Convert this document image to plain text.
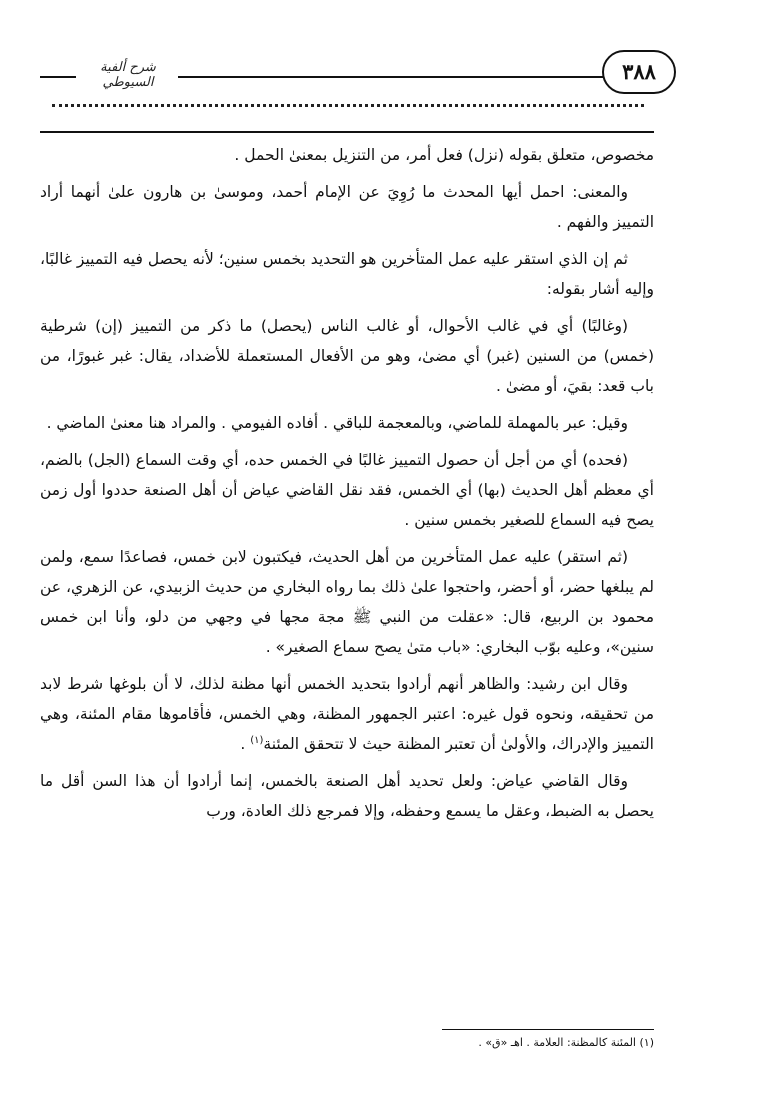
شرح ألفية السيوطي	٣٨٨

مخصوص، متعلق بقوله (نزل) فعل أمر، من التنزيل بمعنىٰ الحمل .

والمعنى: احمل أيها المحدث ما رُوِيَ عن الإمام أحمد، وموسىٰ بن هارون علىٰ أنهما أراد التمييز والفهم .

ثم إن الذي استقر عليه عمل المتأخرين هو التحديد بخمس سنين؛ لأنه يحصل فيه التمييز غالبًا، وإليه أشار بقوله:

(وغالبًا) أي في غالب الأحوال، أو غالب الناس (يحصل) ما ذكر من التمييز (إن) شرطية (خمس) من السنين (غبر) أي مضىٰ، وهو من الأفعال المستعملة للأضداد، يقال: غبر غبورًا، من باب قعد: بقيَ، أو مضىٰ .

وقيل: عبر بالمهملة للماضي، وبالمعجمة للباقي . أفاده الفيومي . والمراد هنا معنىٰ الماضي .

(فحده) أي من أجل أن حصول التمييز غالبًا في الخمس حده، أي وقت السماع (الجل) بالضم، أي معظم أهل الحديث (بها) أي الخمس، فقد نقل القاضي عياض أن أهل الصنعة حددوا أول زمن يصح فيه السماع للصغير بخمس سنين .

(ثم استقر) عليه عمل المتأخرين من أهل الحديث، فيكتبون لابن خمس، فصاعدًا سمع، ولمن لم يبلغها حضر، أو أحضر، واحتجوا علىٰ ذلك بما رواه البخاري من حديث الزبيدي، عن الزهري، عن محمود بن الربيع، قال: «عقلت من النبي ﷺ مجة مجها في وجهي من دلو، وأنا ابن خمس سنين»، وعليه بوّب البخاري: «باب متىٰ يصح سماع الصغير» .

وقال ابن رشيد: والظاهر أنهم أرادوا بتحديد الخمس أنها مظنة لذلك، لا أن بلوغها شرط لابد من تحقيقه، ونحوه قول غيره: اعتبر الجمهور المظنة، وهي الخمس، فأقاموها مقام المئنة، وهي التمييز والإدراك، والأولىٰ أن تعتبر المظنة حيث لا تتحقق المئنة$^{(١)}$ .

وقال القاضي عياض: ولعل تحديد أهل الصنعة بالخمس، إنما أرادوا أن هذا السن أقل ما يحصل به الضبط، وعقل ما يسمع وحفظه، وإلا فمرجع ذلك العادة، ورب

(١) المئنة كالمظنة: العلامة . اهـ «ق» .
